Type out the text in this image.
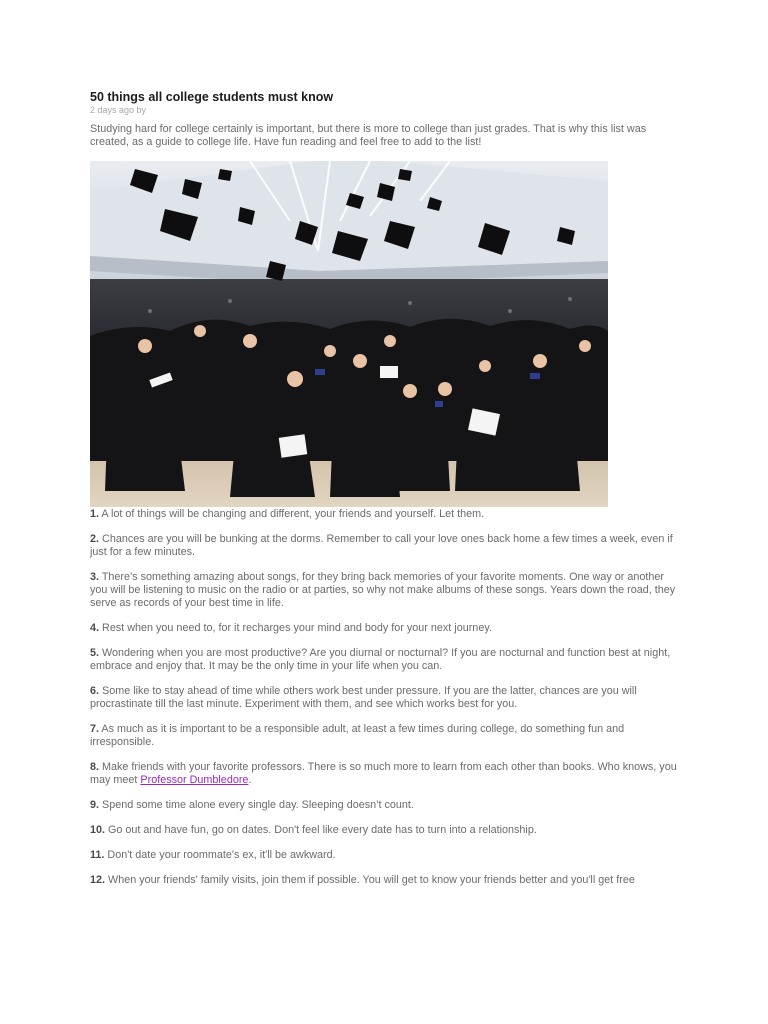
50 things all college students must know
2 days ago by

Studying hard for college certainly is important, but there is more to college than just grades. That is why this list was created, as a guide to college life. Have fun reading and feel free to add to the list!

1. A lot of things will be changing and different, your friends and yourself. Let them.

2. Chances are you will be bunking at the dorms. Remember to call your love ones back home a few times a week, even if just for a few minutes.

3. There’s something amazing about songs, for they bring back memories of your favorite moments. One way or another you will be listening to music on the radio or at parties, so why not make albums of these songs. Years down the road, they serve as records of your best time in life.

4. Rest when you need to, for it recharges your mind and body for your next journey.

5. Wondering when you are most productive? Are you diurnal or nocturnal? If you are nocturnal and function best at night, embrace and enjoy that. It may be the only time in your life when you can.

6. Some like to stay ahead of time while others work best under pressure. If you are the latter, chances are you will procrastinate till the last minute. Experiment with them, and see which works best for you.

7. As much as it is important to be a responsible adult, at least a few times during college, do something fun and irresponsible.

8. Make friends with your favorite professors. There is so much more to learn from each other than books. Who knows, you may meet Professor Dumbledore.

9. Spend some time alone every single day. Sleeping doesn’t count.

10. Go out and have fun, go on dates. Don't feel like every date has to turn into a relationship.

11. Don't date your roommate's ex, it'll be awkward.

12. When your friends' family visits, join them if possible. You will get to know your friends better and you'll get free
